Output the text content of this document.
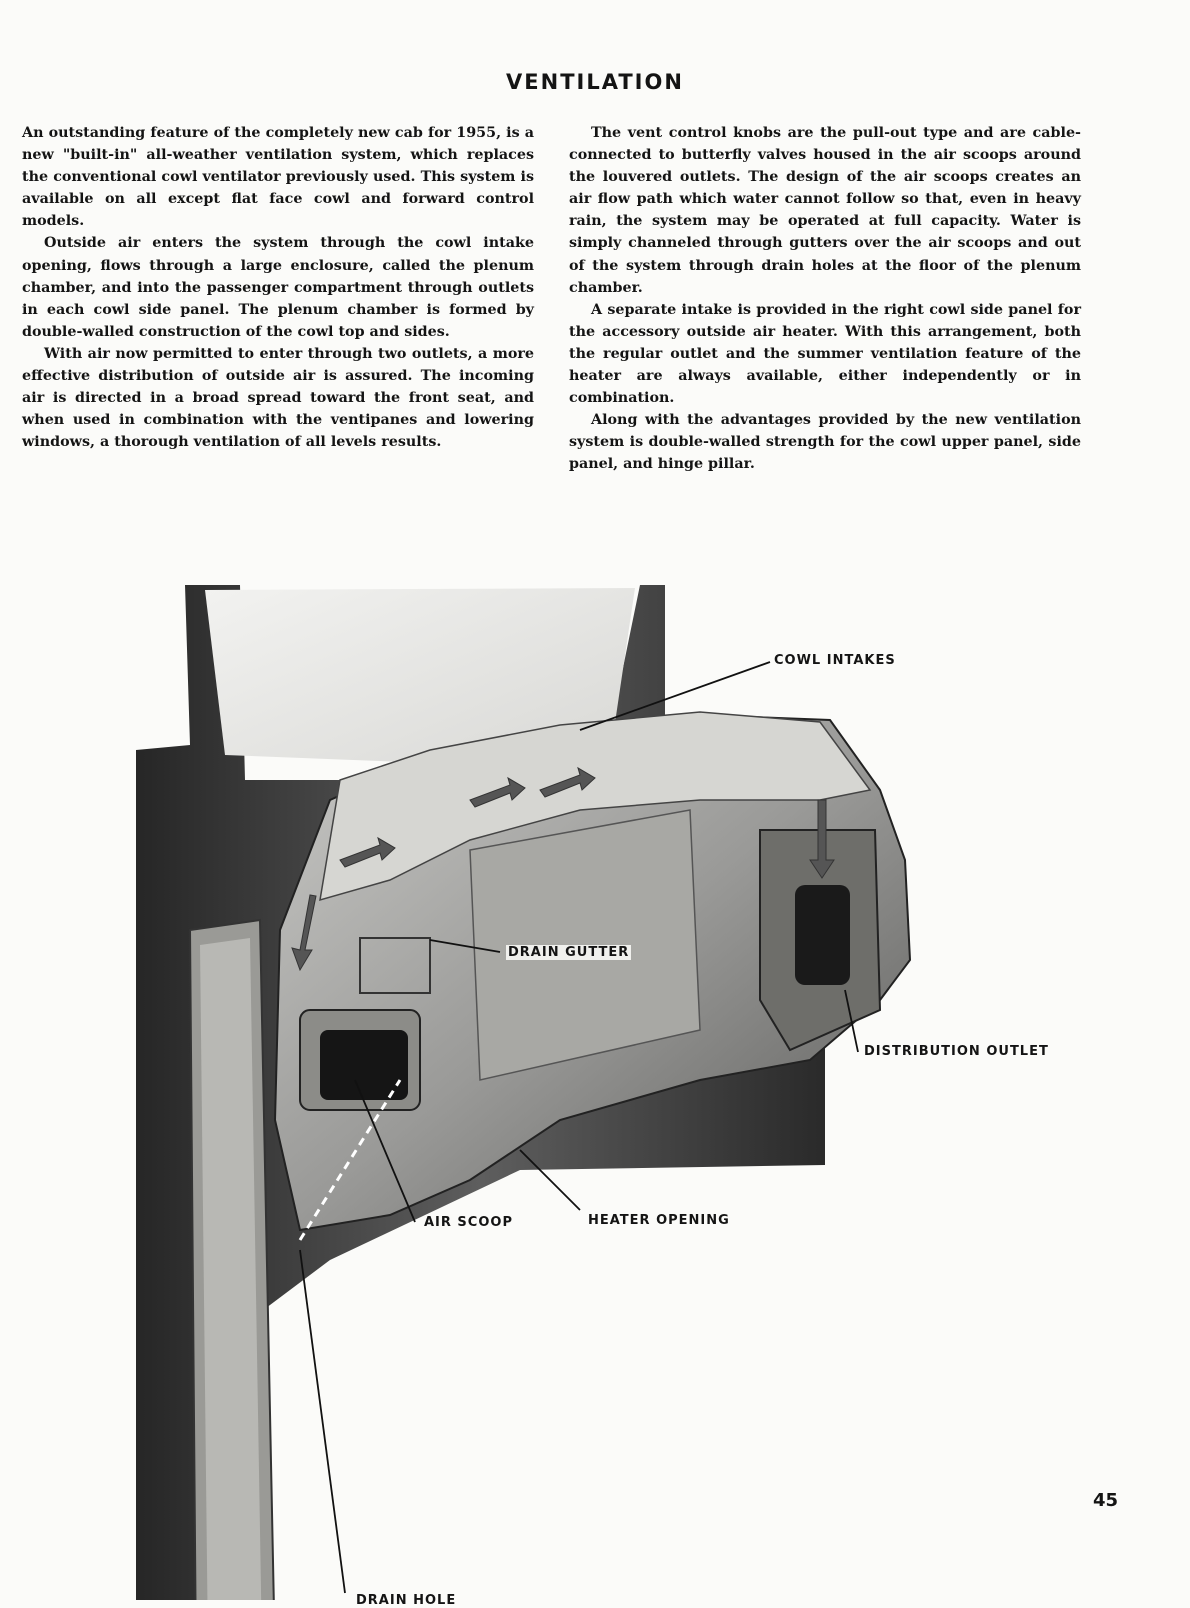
VENTILATION

An outstanding feature of the completely new cab for 1955, is a new "built-in" all-weather ventilation system, which replaces the conventional cowl ventilator previously used. This system is available on all except flat face cowl and forward control models.

Outside air enters the system through the cowl intake opening, flows through a large enclosure, called the plenum chamber, and into the passenger compartment through outlets in each cowl side panel. The plenum chamber is formed by double-walled construction of the cowl top and sides.

With air now permitted to enter through two outlets, a more effective distribution of outside air is assured. The incoming air is directed in a broad spread toward the front seat, and when used in combination with the ventipanes and lowering windows, a thorough ventilation of all levels results.

The vent control knobs are the pull-out type and are cable-connected to butterfly valves housed in the air scoops around the louvered outlets. The design of the air scoops creates an air flow path which water cannot follow so that, even in heavy rain, the system may be operated at full capacity. Water is simply channeled through gutters over the air scoops and out of the system through drain holes at the floor of the plenum chamber.

A separate intake is provided in the right cowl side panel for the accessory outside air heater. With this arrangement, both the regular outlet and the summer ventilation feature of the heater are always available, either independently or in combination.

Along with the advantages provided by the new ventilation system is double-walled strength for the cowl upper panel, side panel, and hinge pillar.

COWL INTAKES
DRAIN GUTTER
DISTRIBUTION OUTLET
AIR SCOOP	HEATER OPENING
DRAIN HOLE
45
